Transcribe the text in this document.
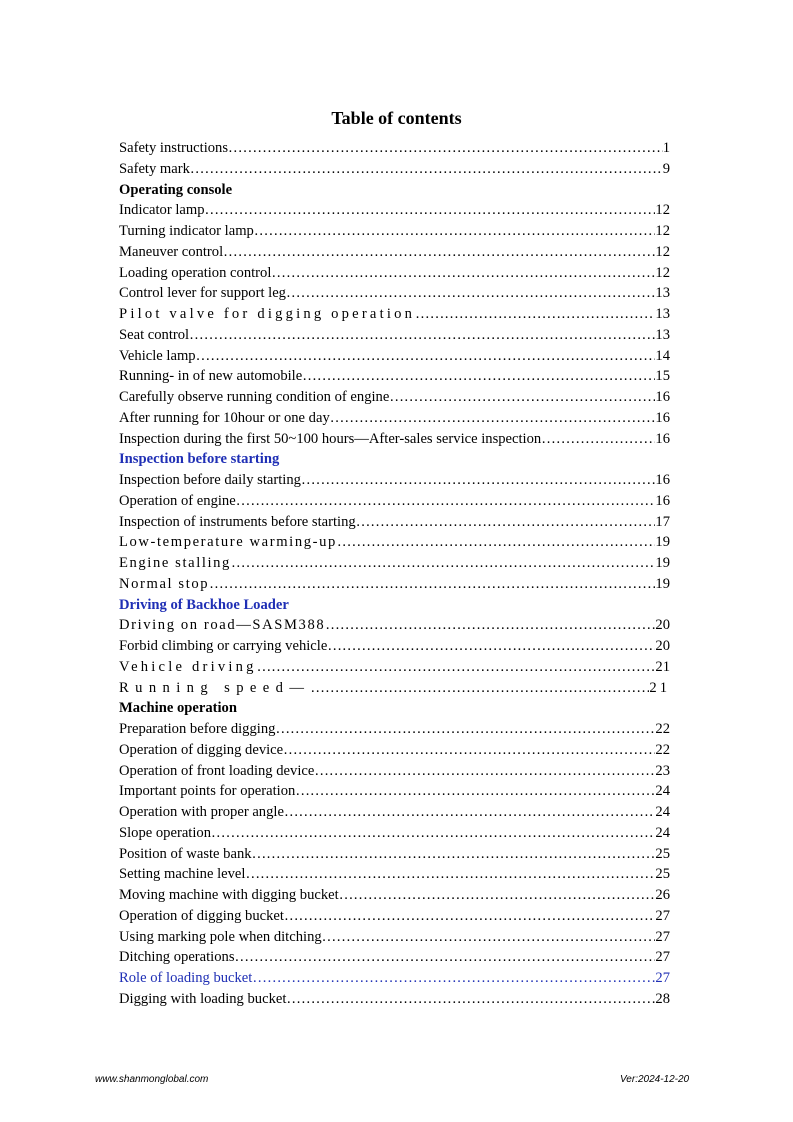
Table of contents
Safety instructions ……………………………………………………………………………………………………………………………………………………………………	1
Safety mark ……………………………………………………………………………………………………………………………………………………………………	9
Operating console
Indicator lamp ……………………………………………………………………………………………………………………………………………………………………	12
Turning indicator lamp ……………………………………………………………………………………………………………………………………………………………………	12
Maneuver control ……………………………………………………………………………………………………………………………………………………………………	12
Loading operation control ……………………………………………………………………………………………………………………………………………………………………	12
Control lever for support leg ……………………………………………………………………………………………………………………………………………………………………	13
Pilot valve for digging operation ……………………………………………………………………………………………………………………………………………………………………	13
Seat control ……………………………………………………………………………………………………………………………………………………………………	13
Vehicle lamp ……………………………………………………………………………………………………………………………………………………………………	14
Running- in of new automobile ……………………………………………………………………………………………………………………………………………………………………	15
Carefully observe running condition of engine ……………………………………………………………………………………………………………………………………………………………………	16
After running for 10hour or one day ……………………………………………………………………………………………………………………………………………………………………	16
Inspection during the first 50~100 hours—After-sales service inspection ……………………………………………………………………………………………………………………………………………………………………	16
Inspection before starting
Inspection before daily starting ……………………………………………………………………………………………………………………………………………………………………	16
Operation of engine ……………………………………………………………………………………………………………………………………………………………………	16
Inspection of instruments before starting ……………………………………………………………………………………………………………………………………………………………………	17
Low-temperature warming-up ……………………………………………………………………………………………………………………………………………………………………	19
Engine stalling ……………………………………………………………………………………………………………………………………………………………………	19
Normal stop ……………………………………………………………………………………………………………………………………………………………………	19
Driving of Backhoe Loader
Driving on road—SASM388 ……………………………………………………………………………………………………………………………………………………………………	20
Forbid climbing or carrying vehicle ……………………………………………………………………………………………………………………………………………………………………	20
Vehicle driving ……………………………………………………………………………………………………………………………………………………………………	21
Running speed— ……………………………………………………………………………………………………………………………………………………………………	21
Machine operation
Preparation before digging ……………………………………………………………………………………………………………………………………………………………………	22
Operation of digging device ……………………………………………………………………………………………………………………………………………………………………	22
Operation of front loading device ……………………………………………………………………………………………………………………………………………………………………	23
Important points for operation ……………………………………………………………………………………………………………………………………………………………………	24
Operation with proper angle ……………………………………………………………………………………………………………………………………………………………………	24
Slope operation ……………………………………………………………………………………………………………………………………………………………………	24
Position of waste bank ……………………………………………………………………………………………………………………………………………………………………	25
Setting machine level ……………………………………………………………………………………………………………………………………………………………………	25
Moving machine with digging bucket ……………………………………………………………………………………………………………………………………………………………………	26
Operation of digging bucket ……………………………………………………………………………………………………………………………………………………………………	27
Using marking pole when ditching ……………………………………………………………………………………………………………………………………………………………………	27
Ditching operations ……………………………………………………………………………………………………………………………………………………………………	27
Role of loading bucket ……………………………………………………………………………………………………………………………………………………………………	27
Digging with loading bucket ……………………………………………………………………………………………………………………………………………………………………	28
www.shanmonglobal.com	Ver:2024-12-20
